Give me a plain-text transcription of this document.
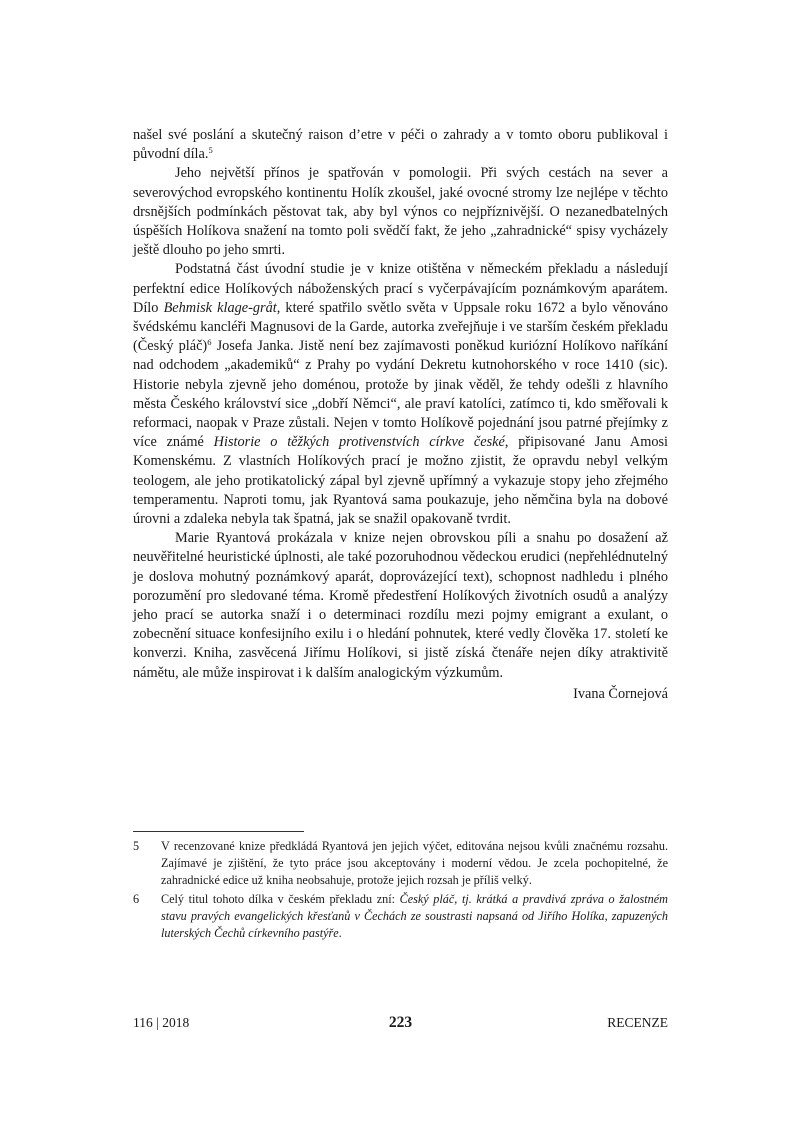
našel své poslání a skutečný raison d’etre v péči o zahrady a v tomto oboru publikoval i původní díla.$^5$

Jeho největší přínos je spatřován v pomologii. Při svých cestách na sever a severovýchod evropského kontinentu Holík zkoušel, jaké ovocné stromy lze nejlépe v těchto drsnějších podmínkách pěstovat tak, aby byl výnos co nejpříznivější. O nezanedbatelných úspěších Holíkova snažení na tomto poli svědčí fakt, že jeho „zahradnické“ spisy vycházely ještě dlouho po jeho smrti.

Podstatná část úvodní studie je v knize otištěna v německém překladu a následují perfektní edice Holíkových náboženských prací s vyčerpávajícím poznámkovým aparátem. Dílo Behmisk klage-gråt, které spatřilo světlo světa v Uppsale roku 1672 a bylo věnováno švédskému kancléři Magnusovi de la Garde, autorka zveřejňuje i ve starším českém překladu (Český pláč)$^6$ Josefa Janka. Jistě není bez zajímavosti poněkud kuriózní Holíkovo naříkání nad odchodem „akademiků“ z Prahy po vydání Dekretu kutnohorského v roce 1410 (sic). Historie nebyla zjevně jeho doménou, protože by jinak věděl, že tehdy odešli z hlavního města Českého království sice „dobří Němci“, ale praví katolíci, zatímco ti, kdo směřovali k reformaci, naopak v Praze zůstali. Nejen v tomto Holíkově pojednání jsou patrné přejímky z více známé Historie o těžkých protivenstvích církve české, připisované Janu Amosi Komenskému. Z vlastních Holíkových prací je možno zjistit, že opravdu nebyl velkým teologem, ale jeho protikatolický zápal byl zjevně upřímný a vykazuje stopy jeho zřejmého temperamentu. Naproti tomu, jak Ryantová sama poukazuje, jeho němčina byla na dobové úrovni a zdaleka nebyla tak špatná, jak se snažil opakovaně tvrdit.

Marie Ryantová prokázala v knize nejen obrovskou píli a snahu po dosažení až neuvěřitelné heuristické úplnosti, ale také pozoruhodnou vědeckou erudici (nepřehlédnutelný je doslova mohutný poznámkový aparát, doprovázející text), schopnost nadhledu i plného porozumění pro sledované téma. Kromě předestření Holíkových životních osudů a analýzy jeho prací se autorka snaží i o determinaci rozdílu mezi pojmy emigrant a exulant, o zobecnění situace konfesijního exilu i o hledání pohnutek, které vedly člověka 17. století ke konverzi. Kniha, zasvěcená Jiřímu Holíkovi, si jistě získá čtenáře nejen díky atraktivitě námětu, ale může inspirovat i k dalším analogickým výzkumům.

Ivana Čornejová
5 V recenzované knize předkládá Ryantová jen jejich výčet, editována nejsou kvůli značnému rozsahu. Zajímavé je zjištění, že tyto práce jsou akceptovány i moderní vědou. Je zcela pochopitelné, že zahradnické edice už kniha neobsahuje, protože jejich rozsah je příliš velký.
6 Celý titul tohoto dílka v českém překladu zní: Český pláč, tj. krátká a pravdivá zpráva o žalostném stavu pravých evangelických křesťanů v Čechách ze soustrasti napsaná od Jiřího Holíka, zapuzených luterských Čechů církevního pastýře.
116 | 2018	223	RECENZE
